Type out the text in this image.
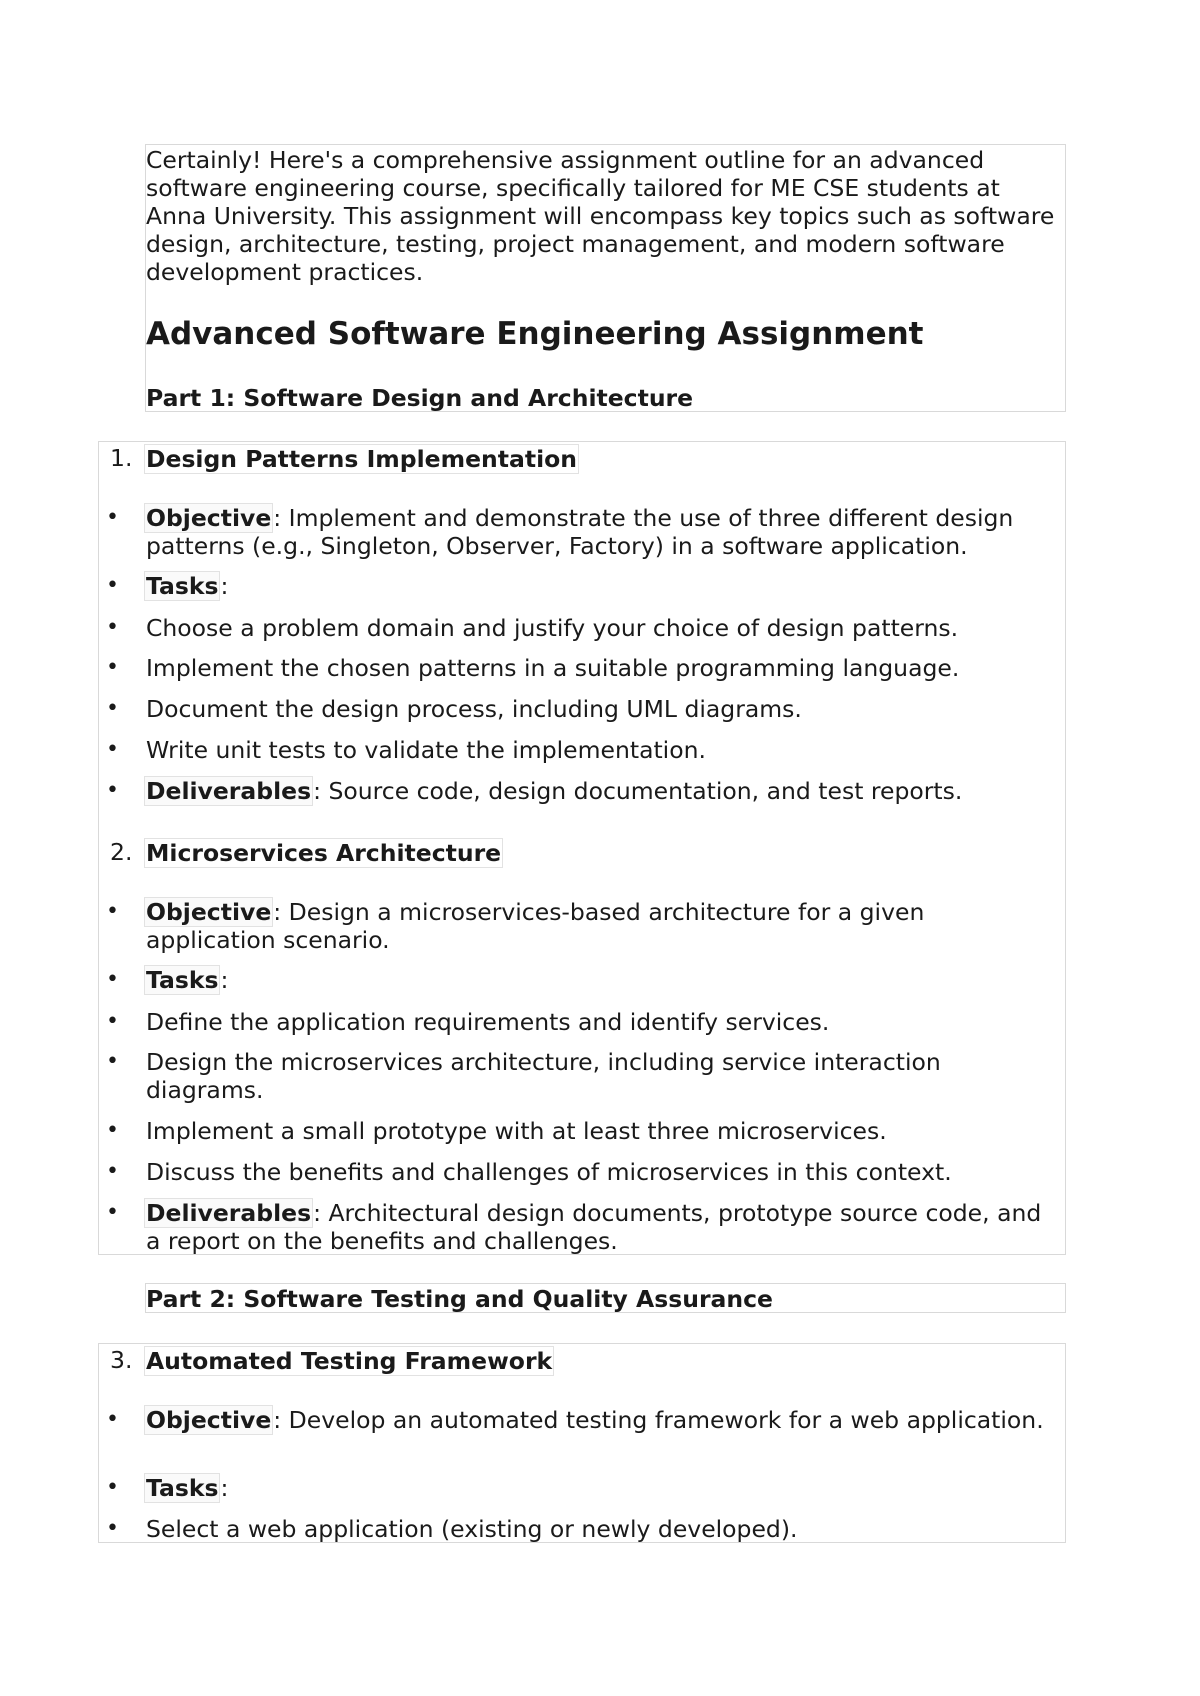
Certainly! Here's a comprehensive assignment outline for an advanced software engineering course, specifically tailored for ME CSE students at Anna University. This assignment will encompass key topics such as software design, architecture, testing, project management, and modern software development practices.

Advanced Software Engineering Assignment
Part 1: Software Design and Architecture
1. Design Patterns Implementation
• Objective: Implement and demonstrate the use of three different design patterns (e.g., Singleton, Observer, Factory) in a software application.

• Tasks:

• Choose a problem domain and justify your choice of design patterns.

• Implement the chosen patterns in a suitable programming language.

• Document the design process, including UML diagrams.

• Write unit tests to validate the implementation.

• Deliverables: Source code, design documentation, and test reports.

2. Microservices Architecture
• Objective: Design a microservices-based architecture for a given application scenario.

• Tasks:

• Define the application requirements and identify services.

• Design the microservices architecture, including service interaction diagrams.

• Implement a small prototype with at least three microservices.

• Discuss the benefits and challenges of microservices in this context.

• Deliverables: Architectural design documents, prototype source code, and a report on the benefits and challenges.

Part 2: Software Testing and Quality Assurance
3. Automated Testing Framework
• Objective: Develop an automated testing framework for a web application.

• Tasks:

• Select a web application (existing or newly developed).
